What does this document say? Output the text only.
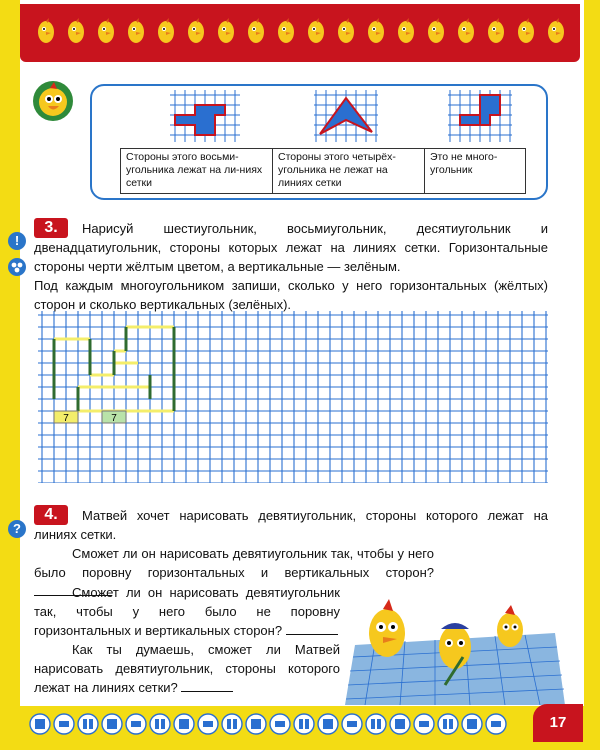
Стороны этого восьми-угольника лежат на ли-ниях сетки	Стороны этого четырёх-угольника не лежат на линиях сетки	Это не много-угольник
3.
!
Нарисуй шестиугольник, восьмиугольник, десятиугольник и двенадцатиугольник, стороны которых лежат на линиях сетки. Горизонтальные стороны черти жёлтым цветом, а вертикальные — зелёным.
Под каждым многоугольником запиши, сколько у него горизонтальных (жёлтых) сторон и сколько вертикальных (зелёных).
7	7
4.
?
Матвей хочет нарисовать девятиугольник, стороны которого лежат на линиях сетки.
Сможет ли он нарисовать девятиугольник так, чтобы у него было поровну горизонтальных и вертикальных сторон?
Сможет ли он нарисовать девятиугольник так, чтобы у него было не поровну горизонтальных и вертикальных сторон?
Как ты думаешь, сможет ли Матвей нарисовать девятиугольник, стороны которого лежат на линиях сетки?
17
